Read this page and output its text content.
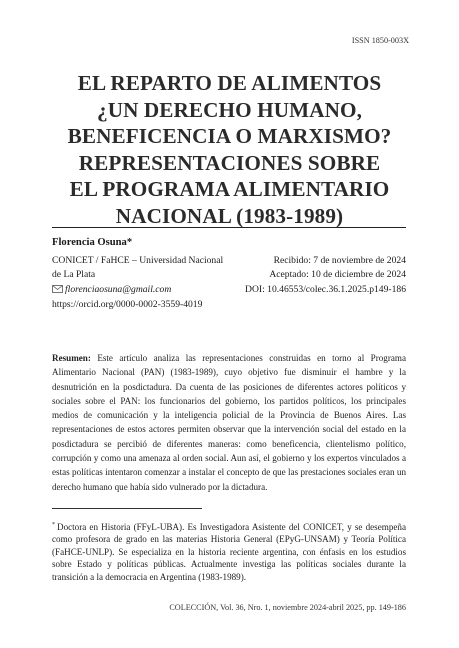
ISSN 1850-003X
EL REPARTO DE ALIMENTOS
¿UN DERECHO HUMANO,
BENEFICENCIA O MARXISMO?
REPRESENTACIONES SOBRE
EL PROGRAMA ALIMENTARIO
NACIONAL (1983-1989)
Florencia Osuna*
CONICET / FaHCE – Universidad Nacional	Recibido: 7 de noviembre de 2024
de La Plata	Aceptado: 10 de diciembre de 2024
florenciaosuna@gmail.com	DOI: 10.46553/colec.36.1.2025.p149-186
https://orcid.org/0000-0002-3559-4019
Resumen: Este artículo analiza las representaciones construidas en torno al Programa Alimentario Nacional (PAN) (1983-1989), cuyo objetivo fue disminuir el hambre y la desnutrición en la posdictadura. Da cuenta de las posiciones de diferentes actores políticos y sociales sobre el PAN: los funcionarios del gobierno, los partidos políticos, los principales medios de comunicación y la inteligencia policial de la Provincia de Buenos Aires. Las representaciones de estos actores permiten observar que la intervención social del estado en la posdictadura se percibió de diferentes maneras: como beneficencia, clientelismo político, corrupción y como una amenaza al orden social. Aun así, el gobierno y los expertos vinculados a estas políticas intentaron comenzar a instalar el concepto de que las prestaciones sociales eran un derecho humano que había sido vulnerado por la dictadura.
* Doctora en Historia (FFyL-UBA). Es Investigadora Asistente del CONICET, y se desempeña como profesora de grado en las materias Historia General (EPyG-UNSAM) y Teoría Política (FaHCE-UNLP). Se especializa en la historia reciente argentina, con énfasis en los estudios sobre Estado y políticas públicas. Actualmente investiga las políticas sociales durante la transición a la democracia en Argentina (1983-1989).
COLECCIÓN, Vol. 36, Nro. 1, noviembre 2024-abril 2025, pp. 149-186
